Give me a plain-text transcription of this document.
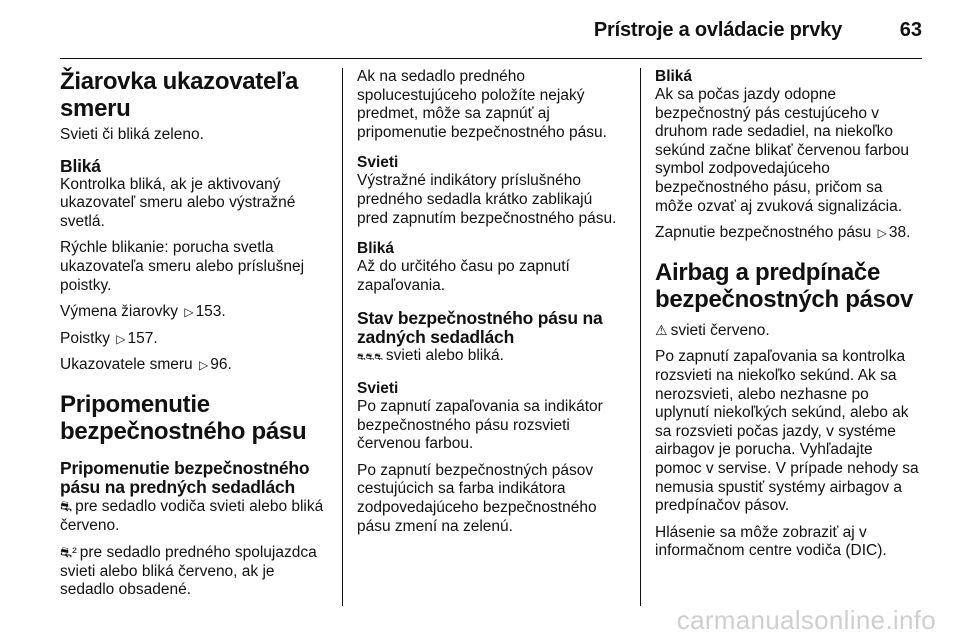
Prístroje a ovládacie prvky	63
Žiarovka ukazovateľa smeru

Svieti či bliká zeleno.

Bliká

Kontrolka bliká, ak je aktivovaný ukazovateľ smeru alebo výstražné svetlá.

Rýchle blikanie: porucha svetla ukazovateľa smeru alebo príslušnej poistky.

Výmena žiarovky ▷ 153.

Poistky ▷ 157.

Ukazovatele smeru ▷ 96.

Pripomenutie bezpečnostného pásu
Pripomenutie bezpečnostného pásu na predných sedadlách

⛐ pre sedadlo vodiča svieti alebo bliká červeno.

⛐² pre sedadlo predného spolujazdca svieti alebo bliká červeno, ak je sedadlo obsadené.

Ak na sedadlo predného spolucestujúceho položíte nejaký predmet, môže sa zapnúť aj pripomenutie bezpečnostného pásu.

Svieti

Výstražné indikátory príslušného predného sedadla krátko zablikajú pred zapnutím bezpečnostného pásu.

Bliká

Až do určitého času po zapnutí zapaľovania.

Stav bezpečnostného pásu na zadných sedadlách

⛐⛐⛐ svieti alebo bliká.

Svieti

Po zapnutí zapaľovania sa indikátor bezpečnostného pásu rozsvieti červenou farbou.

Po zapnutí bezpečnostných pásov cestujúcich sa farba indikátora zodpovedajúceho bezpečnostného pásu zmení na zelenú.

Bliká

Ak sa počas jazdy odopne bezpečnostný pás cestujúceho v druhom rade sedadiel, na niekoľko sekúnd začne blikať červenou farbou symbol zodpovedajúceho bezpečnostného pásu, pričom sa môže ozvať aj zvuková signalizácia.

Zapnutie bezpečnostného pásu ▷ 38.

Airbag a predpínače bezpečnostných pásov

⚠ svieti červeno.

Po zapnutí zapaľovania sa kontrolka rozsvieti na niekoľko sekúnd. Ak sa nerozsvieti, alebo nezhasne po uplynutí niekoľkých sekúnd, alebo ak sa rozsvieti počas jazdy, v systéme airbagov je porucha. Vyhľadajte pomoc v servise. V prípade nehody sa nemusia spustiť systémy airbagov a predpínačov pásov.

Hlásenie sa môže zobraziť aj v informačnom centre vodiča (DIC).

carmanualsonline.info
